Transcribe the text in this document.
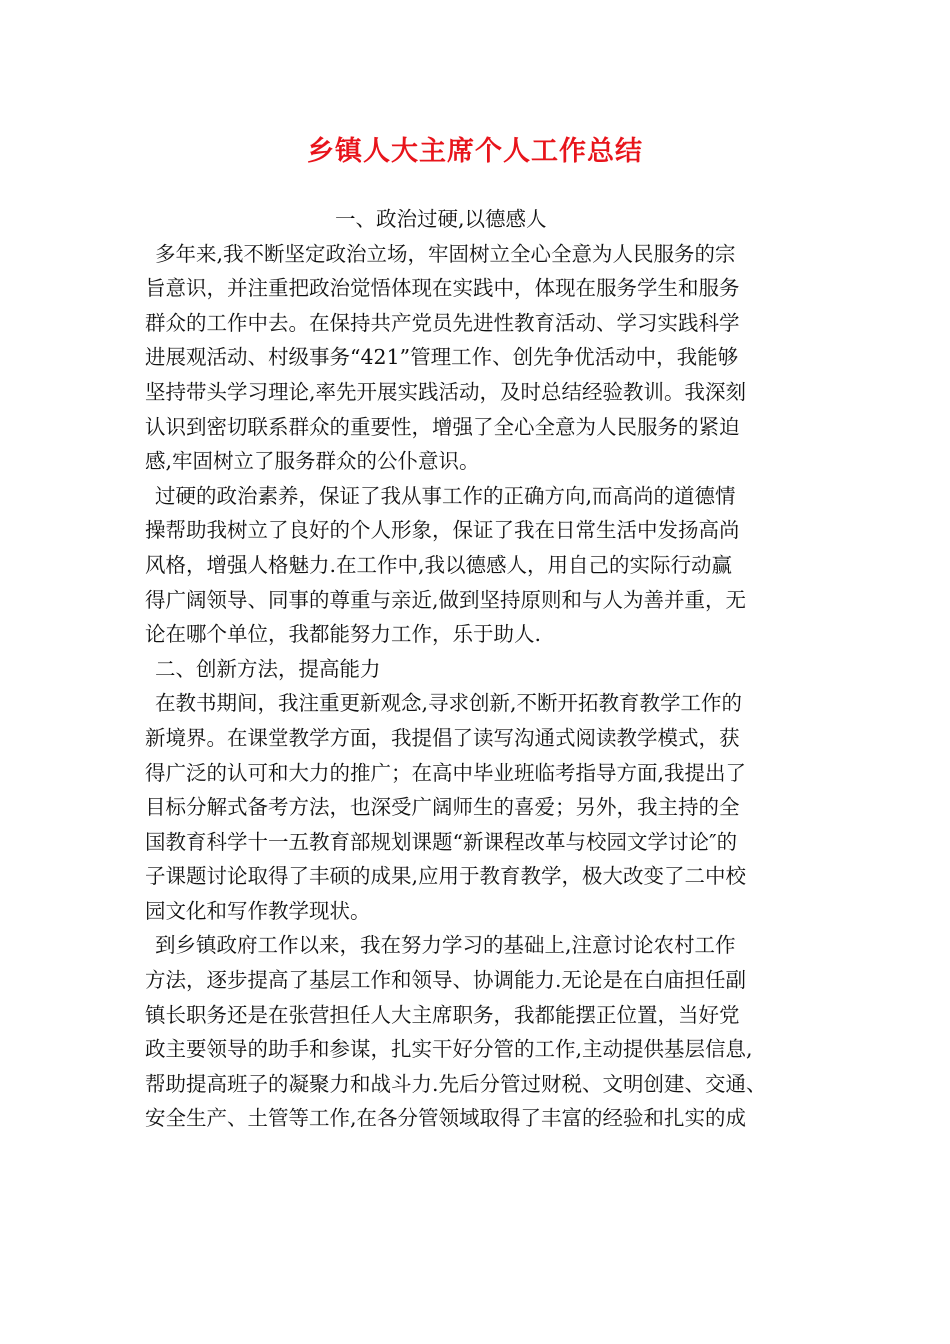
乡镇人大主席个人工作总结
一、政治过硬,以德感人
多年来,我不断坚定政治立场，牢固树立全心全意为人民服务的宗
旨意识，并注重把政治觉悟体现在实践中，体现在服务学生和服务
群众的工作中去。在保持共产党员先进性教育活动、学习实践科学
进展观活动、村级事务“421”管理工作、创先争优活动中，我能够
坚持带头学习理论,率先开展实践活动，及时总结经验教训。我深刻
认识到密切联系群众的重要性，增强了全心全意为人民服务的紧迫
感,牢固树立了服务群众的公仆意识。
过硬的政治素养，保证了我从事工作的正确方向,而高尚的道德情
操帮助我树立了良好的个人形象，保证了我在日常生活中发扬高尚
风格，增强人格魅力.在工作中,我以德感人，用自己的实际行动赢
得广阔领导、同事的尊重与亲近,做到坚持原则和与人为善并重，无
论在哪个单位，我都能努力工作，乐于助人.
二、创新方法，提高能力
在教书期间，我注重更新观念,寻求创新,不断开拓教育教学工作的
新境界。在课堂教学方面，我提倡了读写沟通式阅读教学模式，获
得广泛的认可和大力的推广；在高中毕业班临考指导方面,我提出了
目标分解式备考方法，也深受广阔师生的喜爱；另外，我主持的全
国教育科学十一五教育部规划课题“新课程改革与校园文学讨论″的
子课题讨论取得了丰硕的成果,应用于教育教学，极大改变了二中校
园文化和写作教学现状。
到乡镇政府工作以来，我在努力学习的基础上,注意讨论农村工作
方法，逐步提高了基层工作和领导、协调能力.无论是在白庙担任副
镇长职务还是在张营担任人大主席职务，我都能摆正位置，当好党
政主要领导的助手和参谋，扎实干好分管的工作,主动提供基层信息,
帮助提高班子的凝聚力和战斗力.先后分管过财税、文明创建、交通、
安全生产、土管等工作,在各分管领域取得了丰富的经验和扎实的成
